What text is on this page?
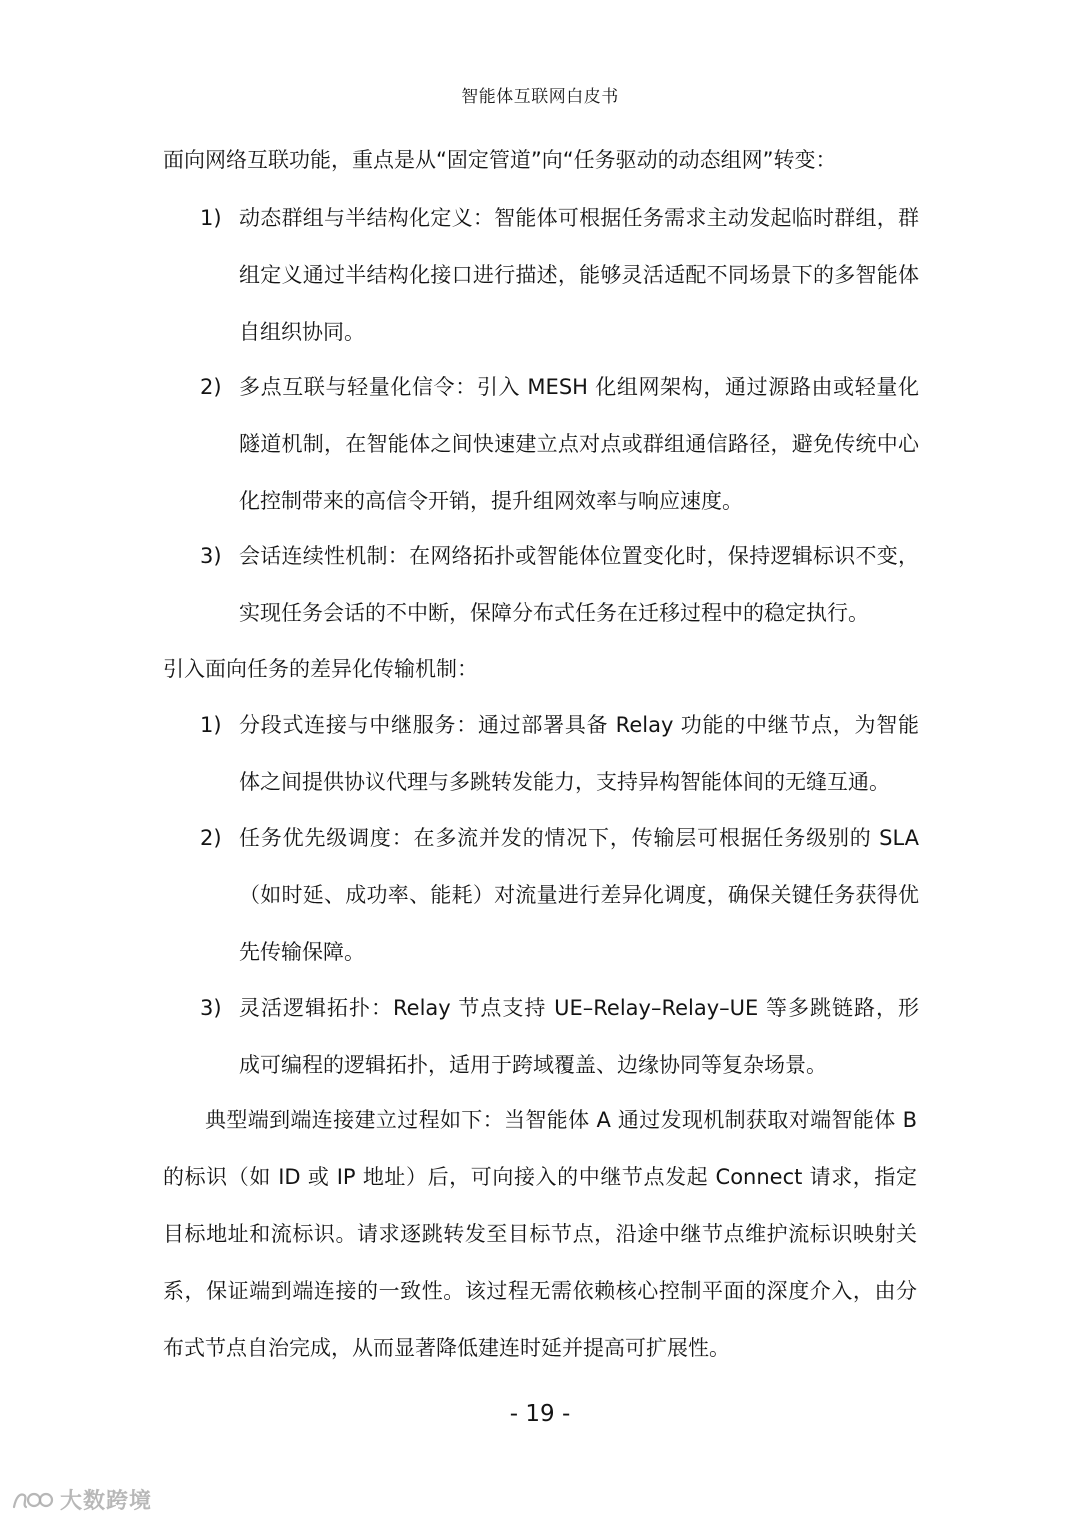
智能体互联网白皮书
面向网络互联功能，重点是从“固定管道”向“任务驱动的动态组网”转变：
1) 动态群组与半结构化定义：智能体可根据任务需求主动发起临时群组，群组定义通过半结构化接口进行描述，能够灵活适配不同场景下的多智能体自组织协同。
2) 多点互联与轻量化信令：引入 MESH 化组网架构，通过源路由或轻量化隧道机制，在智能体之间快速建立点对点或群组通信路径，避免传统中心化控制带来的高信令开销，提升组网效率与响应速度。
3) 会话连续性机制：在网络拓扑或智能体位置变化时，保持逻辑标识不变，实现任务会话的不中断，保障分布式任务在迁移过程中的稳定执行。
引入面向任务的差异化传输机制：
1) 分段式连接与中继服务：通过部署具备 Relay 功能的中继节点，为智能体之间提供协议代理与多跳转发能力，支持异构智能体间的无缝互通。
2) 任务优先级调度：在多流并发的情况下，传输层可根据任务级别的 SLA（如时延、成功率、能耗）对流量进行差异化调度，确保关键任务获得优先传输保障。
3) 灵活逻辑拓扑：Relay 节点支持 UE–Relay–Relay–UE 等多跳链路，形成可编程的逻辑拓扑，适用于跨域覆盖、边缘协同等复杂场景。
典型端到端连接建立过程如下：当智能体 A 通过发现机制获取对端智能体 B 的标识（如 ID 或 IP 地址）后，可向接入的中继节点发起 Connect 请求，指定目标地址和流标识。请求逐跳转发至目标节点，沿途中继节点维护流标识映射关系，保证端到端连接的一致性。该过程无需依赖核心控制平面的深度介入，由分布式节点自治完成，从而显著降低建连时延并提高可扩展性。
- 19 -
大数跨境
